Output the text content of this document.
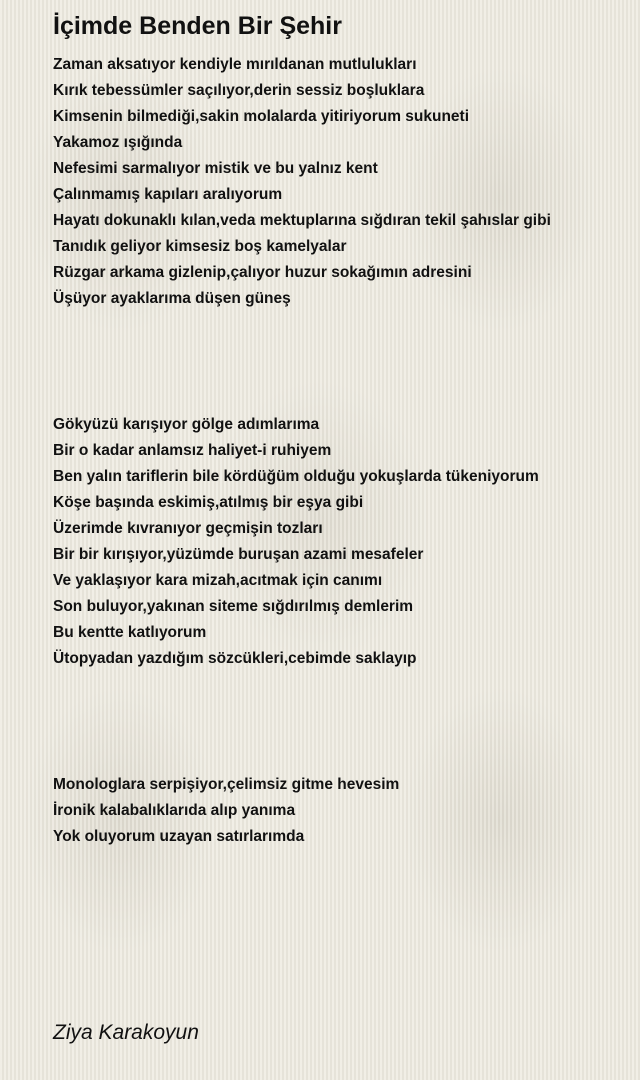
İçimde Benden Bir Şehir
Zaman aksatıyor kendiyle mırıldanan mutlulukları
Kırık tebessümler saçılıyor,derin sessiz boşluklara
Kimsenin bilmediği,sakin molalarda yitiriyorum sukuneti
Yakamoz ışığında
Nefesimi sarmalıyor mistik ve bu yalnız kent
Çalınmamış kapıları aralıyorum
Hayatı dokunaklı kılan,veda mektuplarına sığdıran tekil şahıslar gibi
Tanıdık geliyor kimsesiz boş kamelyalar
Rüzgar arkama gizlenip,çalıyor huzur sokağımın adresini
Üşüyor ayaklarıma düşen güneş
Gökyüzü karışıyor gölge adımlarıma
Bir o kadar anlamsız haliyet-i ruhiyem
Ben yalın tariflerin bile kördüğüm olduğu yokuşlarda tükeniyorum
Köşe başında eskimiş,atılmış bir eşya gibi
Üzerimde kıvranıyor geçmişin tozları
Bir bir kırışıyor,yüzümde buruşan azami mesafeler
Ve yaklaşıyor kara mizah,acıtmak için canımı
Son buluyor,yakınan siteme sığdırılmış demlerim
Bu kentte katlıyorum
Ütopyadan yazdığım sözcükleri,cebimde saklayıp
Monologlara serpişiyor,çelimsiz gitme hevesim
İronik kalabalıklarıda alıp yanıma
Yok oluyorum uzayan satırlarımda

Ziya Karakoyun
